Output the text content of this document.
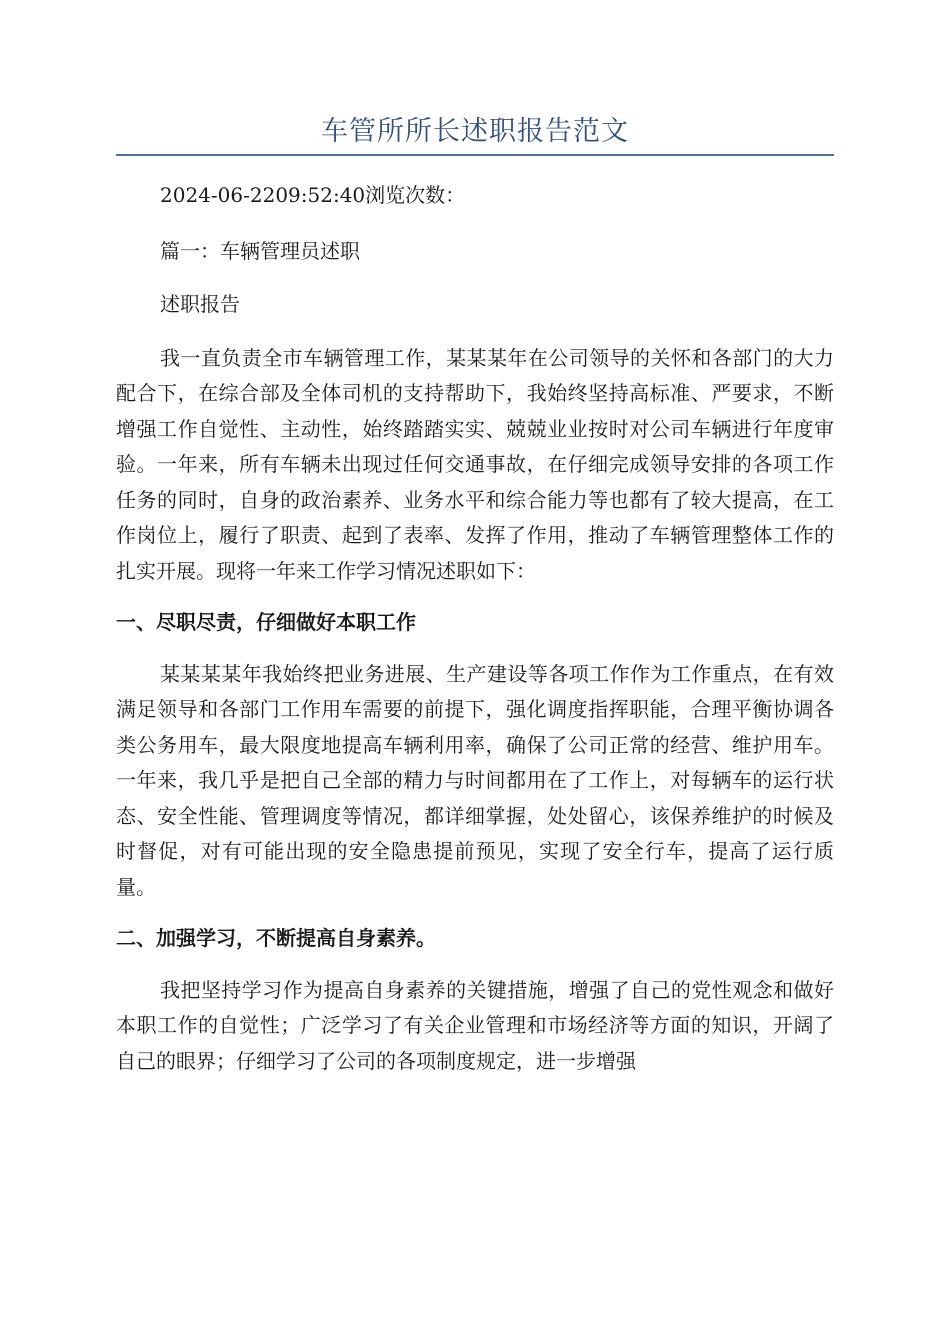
车管所所长述职报告范文

2024-06-2209:52:40浏览次数：

篇一：车辆管理员述职

述职报告

我一直负责全市车辆管理工作，某某某年在公司领导的关怀和各部门的大力配合下，在综合部及全体司机的支持帮助下，我始终坚持高标准、严要求，不断增强工作自觉性、主动性，始终踏踏实实、兢兢业业按时对公司车辆进行年度审验。一年来，所有车辆未出现过任何交通事故，在仔细完成领导安排的各项工作任务的同时，自身的政治素养、业务水平和综合能力等也都有了较大提高，在工作岗位上，履行了职责、起到了表率、发挥了作用，推动了车辆管理整体工作的扎实开展。现将一年来工作学习情况述职如下：

一、尽职尽责，仔细做好本职工作

某某某某年我始终把业务进展、生产建设等各项工作作为工作重点，在有效满足领导和各部门工作用车需要的前提下，强化调度指挥职能，合理平衡协调各类公务用车，最大限度地提高车辆利用率，确保了公司正常的经营、维护用车。一年来，我几乎是把自己全部的精力与时间都用在了工作上，对每辆车的运行状态、安全性能、管理调度等情况，都详细掌握，处处留心，该保养维护的时候及时督促，对有可能出现的安全隐患提前预见，实现了安全行车，提高了运行质量。

二、加强学习，不断提高自身素养。

我把坚持学习作为提高自身素养的关键措施，增强了自己的党性观念和做好本职工作的自觉性；广泛学习了有关企业管理和市场经济等方面的知识，开阔了自己的眼界；仔细学习了公司的各项制度规定，进一步增强
